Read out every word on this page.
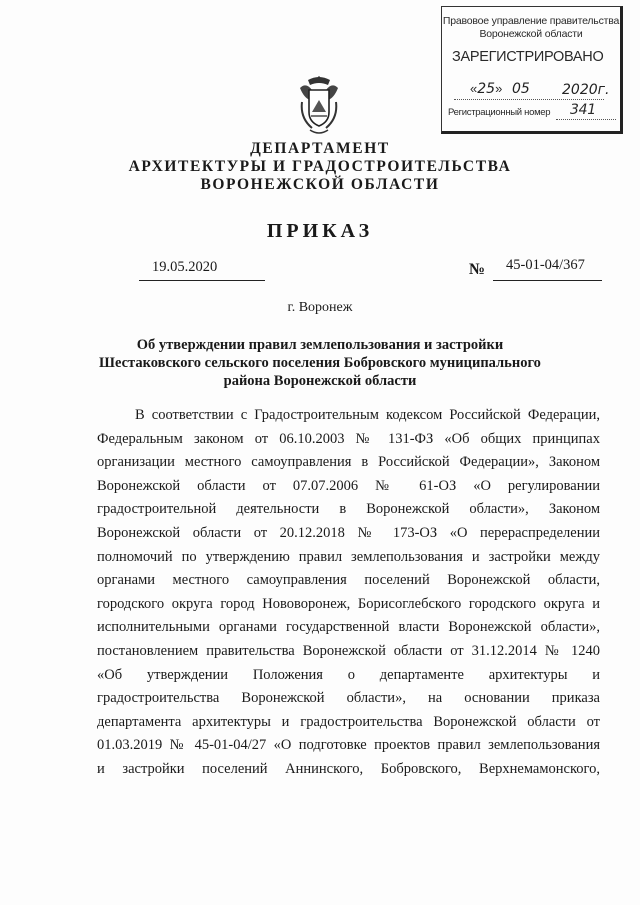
Правовое управление правительства
Воронежской области
ЗАРЕГИСТРИРОВАНО
«25» 05 2020г.
Регистрационный номер 341
ДЕПАРТАМЕНТ
АРХИТЕКТУРЫ И ГРАДОСТРОИТЕЛЬСТВА
ВОРОНЕЖСКОЙ ОБЛАСТИ
ПРИКАЗ
19.05.2020	№ 45-01-04/367
г. Воронеж
Об утверждении правил землепользования и застройки
Шестаковского сельского поселения Бобровского муниципального
района Воронежской области
В соответствии с Градостроительным кодексом Российской Федерации,
Федеральным законом от 06.10.2003 № 131-ФЗ «Об общих принципах
организации местного самоуправления в Российской Федерации», Законом
Воронежской области от 07.07.2006 № 61-ОЗ «О регулировании
градостроительной деятельности в Воронежской области», Законом
Воронежской области от 20.12.2018 № 173-ОЗ «О перераспределении
полномочий по утверждению правил землепользования и застройки между
органами местного самоуправления поселений Воронежской области,
городского округа город Нововоронеж, Борисоглебского городского округа и
исполнительными органами государственной власти Воронежской области»,
постановлением правительства Воронежской области от 31.12.2014 № 1240
«Об утверждении Положения о департаменте архитектуры и
градостроительства Воронежской области», на основании приказа
департамента архитектуры и градостроительства Воронежской области от
01.03.2019 № 45-01-04/27 «О подготовке проектов правил землепользования
и застройки поселений Аннинского, Бобровского, Верхнемамонского,
